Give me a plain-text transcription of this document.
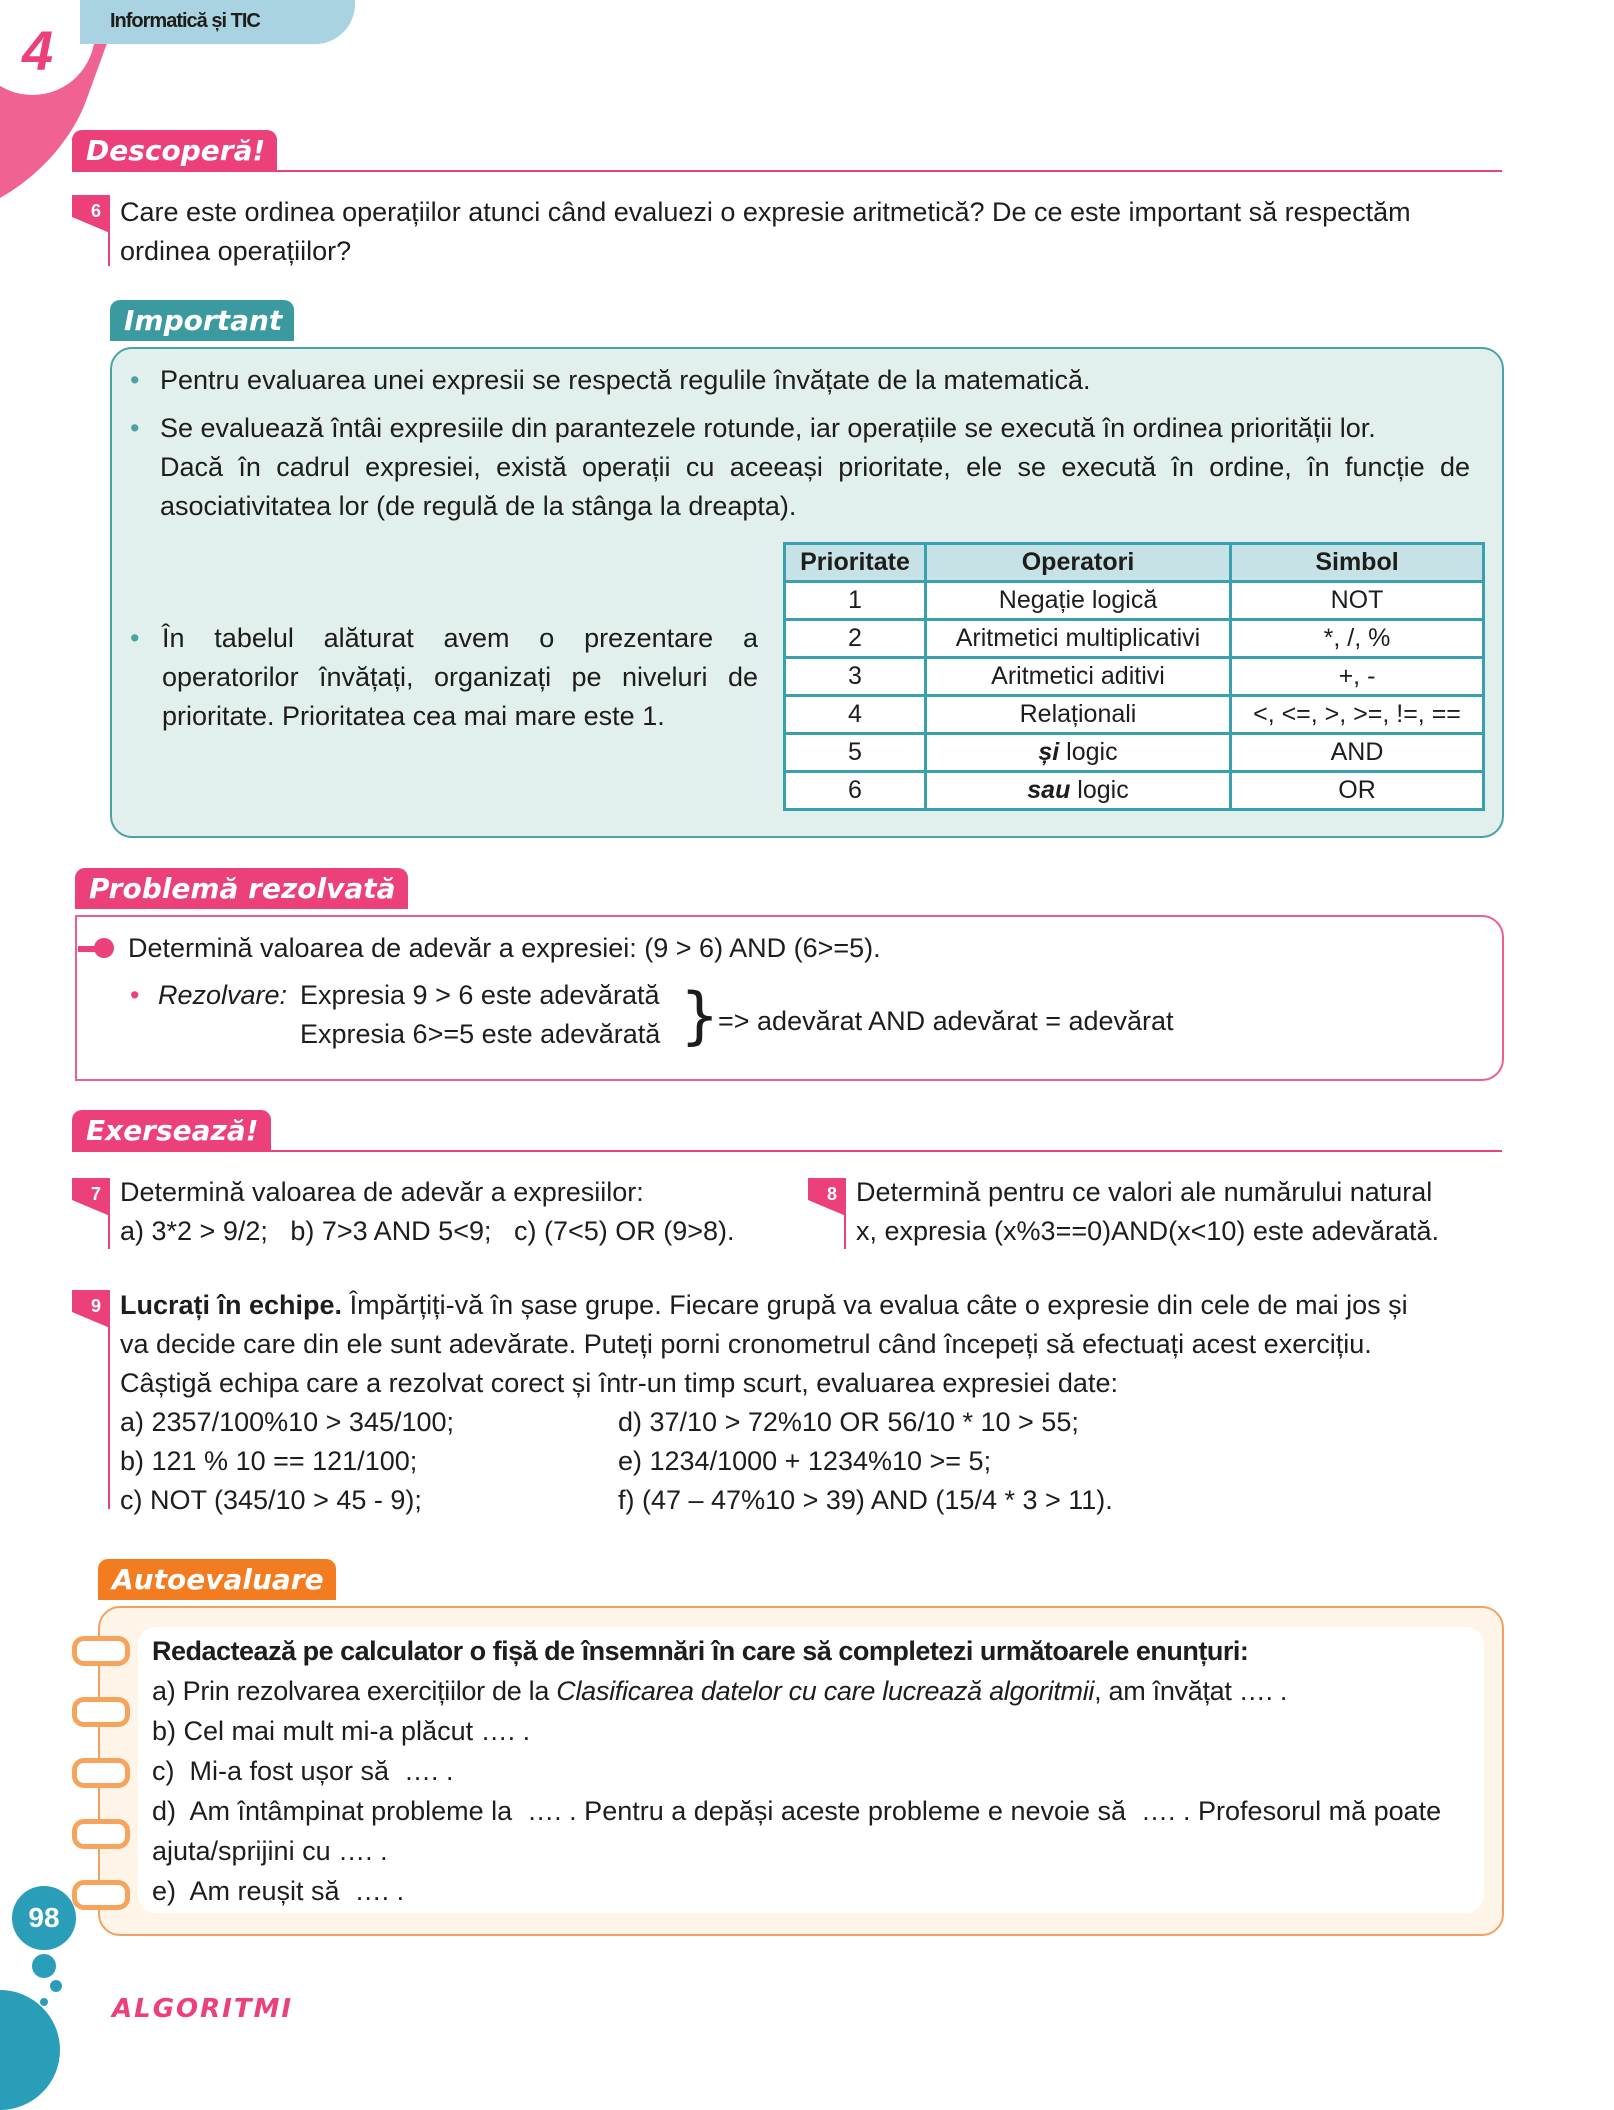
4	Informatică și TIC
Descoperă!
6 Care este ordinea operațiilor atunci când evaluezi o expresie aritmetică? De ce este important să respectăm
ordinea operațiilor?
Important
• Pentru evaluarea unei expresii se respectă regulile învățate de la matematică.
• Se evaluează întâi expresiile din parantezele rotunde, iar operațiile se execută în ordinea priorității lor.
Dacă în cadrul expresiei, există operații cu aceeași prioritate, ele se execută în ordine, în funcție de
asociativitatea lor (de regulă de la stânga la dreapta).
• În tabelul alăturat avem o prezentare a
operatorilor învățați, organizați pe niveluri de
prioritate. Prioritatea cea mai mare este 1.
Prioritate	Operatori	Simbol
1	Negație logică	NOT
2	Aritmetici multiplicativi	*, /, %
3	Aritmetici aditivi	+, -
4	Relaționali	<, <=, >, >=, !=, ==
5	și logic	AND
6	sau logic	OR
Problemă rezolvată
Determină valoarea de adevăr a expresiei: (9 > 6) AND (6>=5).
• Rezolvare: Expresia 9 > 6 este adevărată
Expresia 6>=5 este adevărată }
=> adevărat AND adevărat = adevărat
Exersează!
7 Determină valoarea de adevăr a expresiilor:
a) 3*2 > 9/2;   b) 7>3 AND 5<9;   c) (7<5) OR (9>8).
8 Determină pentru ce valori ale numărului natural
x, expresia (x%3==0)AND(x<10) este adevărată.
9 Lucrați în echipe. Împărțiți-vă în șase grupe. Fiecare grupă va evalua câte o expresie din cele de mai jos și
va decide care din ele sunt adevărate. Puteți porni cronometrul când începeți să efectuați acest exercițiu.
Câștigă echipa care a rezolvat corect și într-un timp scurt, evaluarea expresiei date:
a) 2357/100%10 > 345/100;
b) 121 % 10 == 121/100;
c) NOT (345/10 > 45 - 9);
d) 37/10 > 72%10 OR 56/10 * 10 > 55;
e) 1234/1000 + 1234%10 >= 5;
f) (47 – 47%10 > 39) AND (15/4 * 3 > 11).
Autoevaluare
Redactează pe calculator o fișă de însemnări în care să completezi următoarele enunțuri:
a) Prin rezolvarea exercițiilor de la Clasificarea datelor cu care lucrează algoritmii, am învățat …. .
b) Cel mai mult mi-a plăcut …. .
c)  Mi-a fost ușor să  …. .
d)  Am întâmpinat probleme la  …. . Pentru a depăși aceste probleme e nevoie să  …. . Profesorul mă poate
ajuta/sprijini cu …. .
e)  Am reușit să  …. .
98
ALGORITMI
